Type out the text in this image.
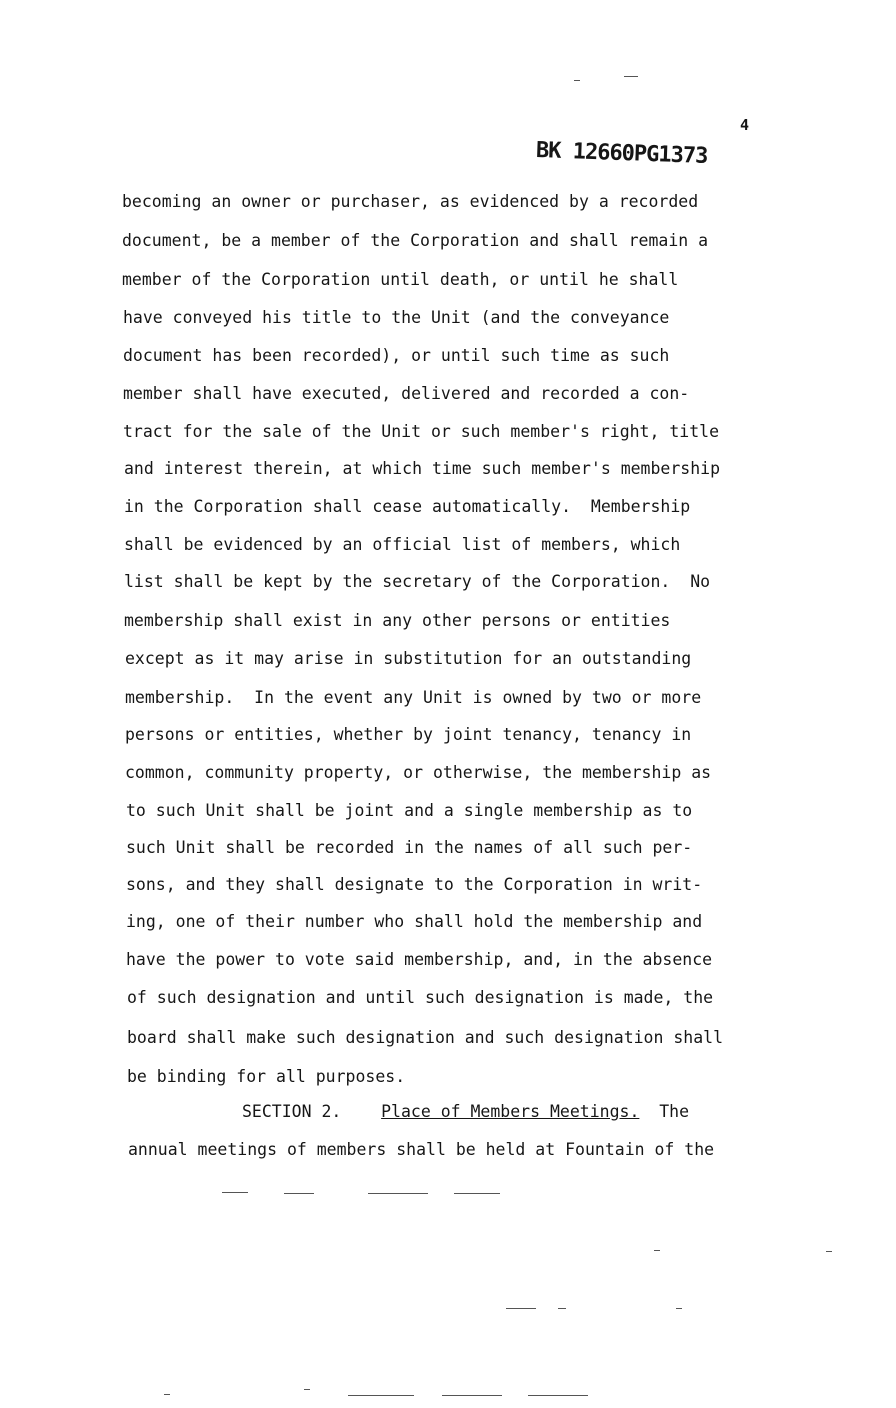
4
BK 12660PG1373
becoming an owner or purchaser, as evidenced by a recorded
document, be a member of the Corporation and shall remain a
member of the Corporation until death, or until he shall
have conveyed his title to the Unit (and the conveyance
document has been recorded), or until such time as such
member shall have executed, delivered and recorded a con-
tract for the sale of the Unit or such member's right, title
and interest therein, at which time such member's membership
in the Corporation shall cease automatically.  Membership
shall be evidenced by an official list of members, which
list shall be kept by the secretary of the Corporation.  No
membership shall exist in any other persons or entities
except as it may arise in substitution for an outstanding
membership.  In the event any Unit is owned by two or more
persons or entities, whether by joint tenancy, tenancy in
common, community property, or otherwise, the membership as
to such Unit shall be joint and a single membership as to
such Unit shall be recorded in the names of all such per-
sons, and they shall designate to the Corporation in writ-
ing, one of their number who shall hold the membership and
have the power to vote said membership, and, in the absence
of such designation and until such designation is made, the
board shall make such designation and such designation shall
be binding for all purposes.
SECTION 2. Place of Members Meetings. The
annual meetings of members shall be held at Fountain of the
